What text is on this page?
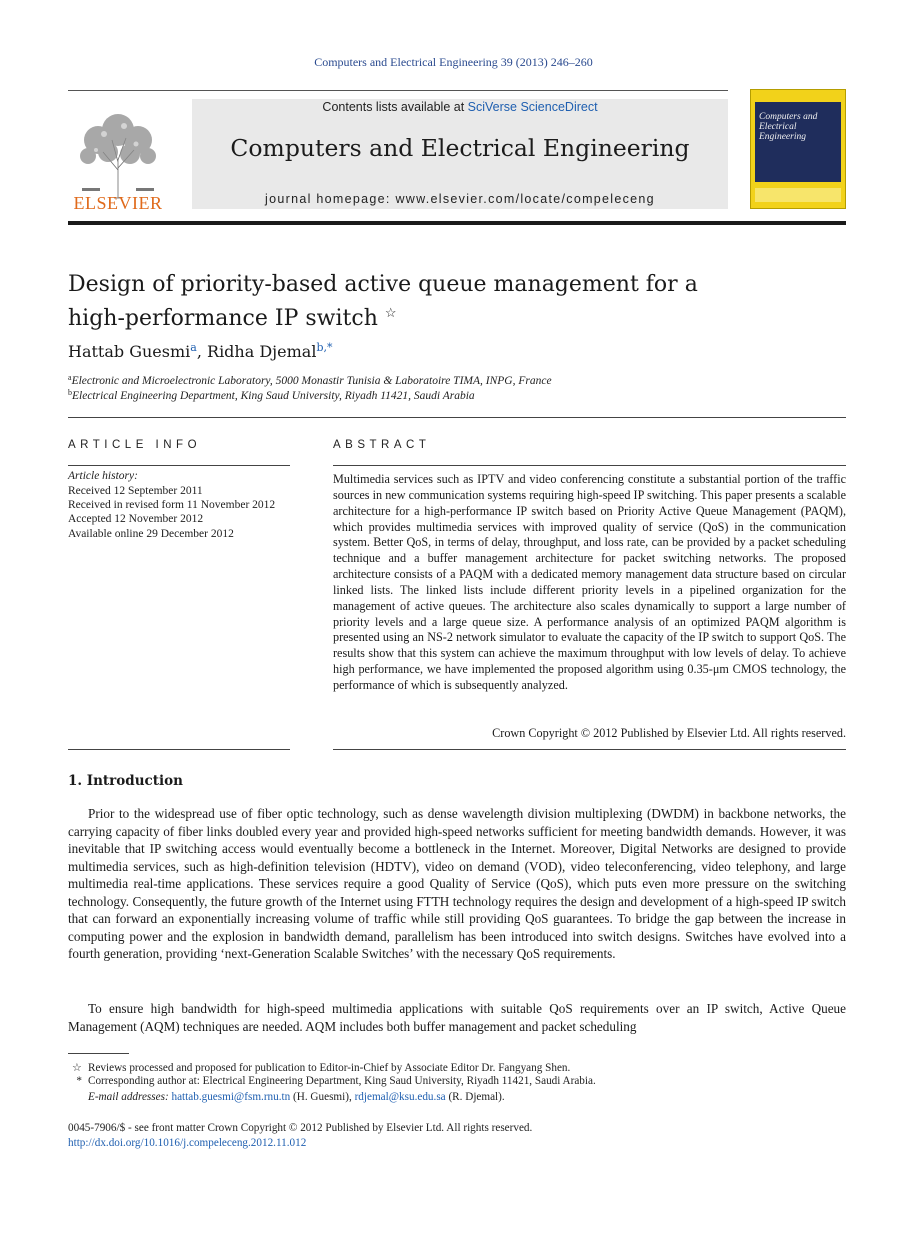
Computers and Electrical Engineering 39 (2013) 246–260
ELSEVIER
Contents lists available at SciVerse ScienceDirect
Computers and Electrical Engineering
journal homepage: www.elsevier.com/locate/compeleceng
Computers and
Electrical Engineering
Design of priority-based active queue management for a
high-performance IP switch ☆
Hattab Guesmi$^a$, Ridha Djemal$^{b,*}$
$^a$Electronic and Microelectronic Laboratory, 5000 Monastir Tunisia & Laboratoire TIMA, INPG, France
$^b$Electrical Engineering Department, King Saud University, Riyadh 11421, Saudi Arabia
ARTICLE INFO	ABSTRACT
Article history:
Received 12 September 2011
Received in revised form 11 November 2012
Accepted 12 November 2012
Available online 29 December 2012
Multimedia services such as IPTV and video conferencing constitute a substantial portion of the traffic sources in new communication systems requiring high-speed IP switching. This paper presents a scalable architecture for a high-performance IP switch based on Priority Active Queue Management (PAQM), which provides multimedia services with improved quality of service (QoS) in the communication system. Better QoS, in terms of delay, throughput, and loss rate, can be provided by a packet scheduling technique and a buffer management architecture for packet switching networks. The proposed architecture consists of a PAQM with a dedicated memory management data structure based on circular linked lists. The linked lists include different priority levels in a pipelined organization for the management of active queues. The architecture also scales dynamically to support a large number of priority levels and a large queue size. A performance analysis of an optimized PAQM algorithm is presented using an NS-2 network simulator to evaluate the capacity of the IP switch to support QoS. The results show that this system can achieve the maximum throughput with low levels of delay. To achieve high performance, we have implemented the proposed algorithm using 0.35-μm CMOS technology, the performance of which is subsequently analyzed.
Crown Copyright © 2012 Published by Elsevier Ltd. All rights reserved.
1. Introduction
Prior to the widespread use of fiber optic technology, such as dense wavelength division multiplexing (DWDM) in backbone networks, the carrying capacity of fiber links doubled every year and provided high-speed networks sufficient for meeting bandwidth demands. However, it was inevitable that IP switching access would eventually become a bottleneck in the Internet. Moreover, Digital Networks are designed to provide multimedia services, such as high-definition television (HDTV), video on demand (VOD), video teleconferencing, video telephony, and large multimedia real-time applications. These services require a good Quality of Service (QoS), which puts even more pressure on the switching technology. Consequently, the future growth of the Internet using FTTH technology requires the design and development of a high-speed IP switch that can forward an exponentially increasing volume of traffic while still providing QoS guarantees. To bridge the gap between the increase in computing power and the explosion in bandwidth demand, parallelism has been introduced into switch designs. Switches have evolved into a fourth generation, providing ‘next-Generation Scalable Switches’ with the necessary QoS requirements.
To ensure high bandwidth for high-speed multimedia applications with suitable QoS requirements over an IP switch, Active Queue Management (AQM) techniques are needed. AQM includes both buffer management and packet scheduling
☆ Reviews processed and proposed for publication to Editor-in-Chief by Associate Editor Dr. Fangyang Shen.
* Corresponding author at: Electrical Engineering Department, King Saud University, Riyadh 11421, Saudi Arabia.
E-mail addresses: hattab.guesmi@fsm.rnu.tn (H. Guesmi), rdjemal@ksu.edu.sa (R. Djemal).
0045-7906/$ - see front matter Crown Copyright © 2012 Published by Elsevier Ltd. All rights reserved.
http://dx.doi.org/10.1016/j.compeleceng.2012.11.012
